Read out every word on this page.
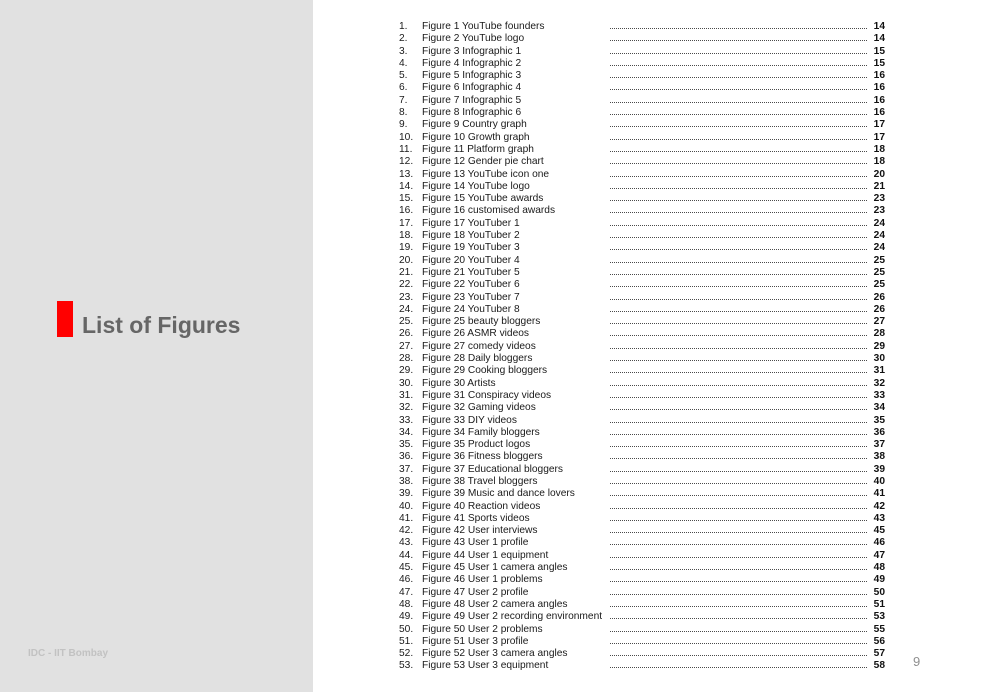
List of Figures
IDC - IIT Bombay
1. Figure 1 YouTube founders	14
2. Figure 2 YouTube logo	14
3. Figure 3 Infographic 1	15
4. Figure 4 Infographic 2	15
5. Figure 5 Infographic 3	16
6. Figure 6 Infographic 4	16
7. Figure 7 Infographic 5	16
8. Figure 8 Infographic 6	16
9. Figure 9 Country graph	17
10. Figure 10 Growth graph	17
11. Figure 11 Platform graph	18
12. Figure 12 Gender pie chart	18
13. Figure 13 YouTube icon one	20
14. Figure 14 YouTube logo	21
15. Figure 15 YouTube awards	23
16. Figure 16 customised awards	23
17. Figure 17 YouTuber 1	24
18. Figure 18 YouTuber 2	24
19. Figure 19 YouTuber 3	24
20. Figure 20 YouTuber 4	25
21. Figure 21 YouTuber 5	25
22. Figure 22 YouTuber 6	25
23. Figure 23 YouTuber 7	26
24. Figure 24 YouTuber 8	26
25. Figure 25 beauty bloggers	27
26. Figure 26 ASMR videos	28
27. Figure 27 comedy videos	29
28. Figure 28 Daily bloggers	30
29. Figure 29 Cooking bloggers	31
30. Figure 30 Artists	32
31. Figure 31 Conspiracy videos	33
32. Figure 32 Gaming videos	34
33. Figure 33 DIY videos	35
34. Figure 34 Family bloggers	36
35. Figure 35 Product logos	37
36. Figure 36 Fitness bloggers	38
37. Figure 37 Educational bloggers	39
38. Figure 38 Travel bloggers	40
39. Figure 39 Music and dance lovers	41
40. Figure 40 Reaction videos	42
41. Figure 41 Sports videos	43
42. Figure 42 User interviews	45
43. Figure 43 User 1 profile	46
44. Figure 44 User 1 equipment	47
45. Figure 45 User 1 camera angles	48
46. Figure 46 User 1 problems	49
47. Figure 47 User 2 profile	50
48. Figure 48 User 2 camera angles	51
49. Figure 49 User 2 recording environment	53
50. Figure 50 User 2 problems	55
51. Figure 51 User 3 profile	56
52. Figure 52 User 3 camera angles	57
53. Figure 53 User 3 equipment	58 9
